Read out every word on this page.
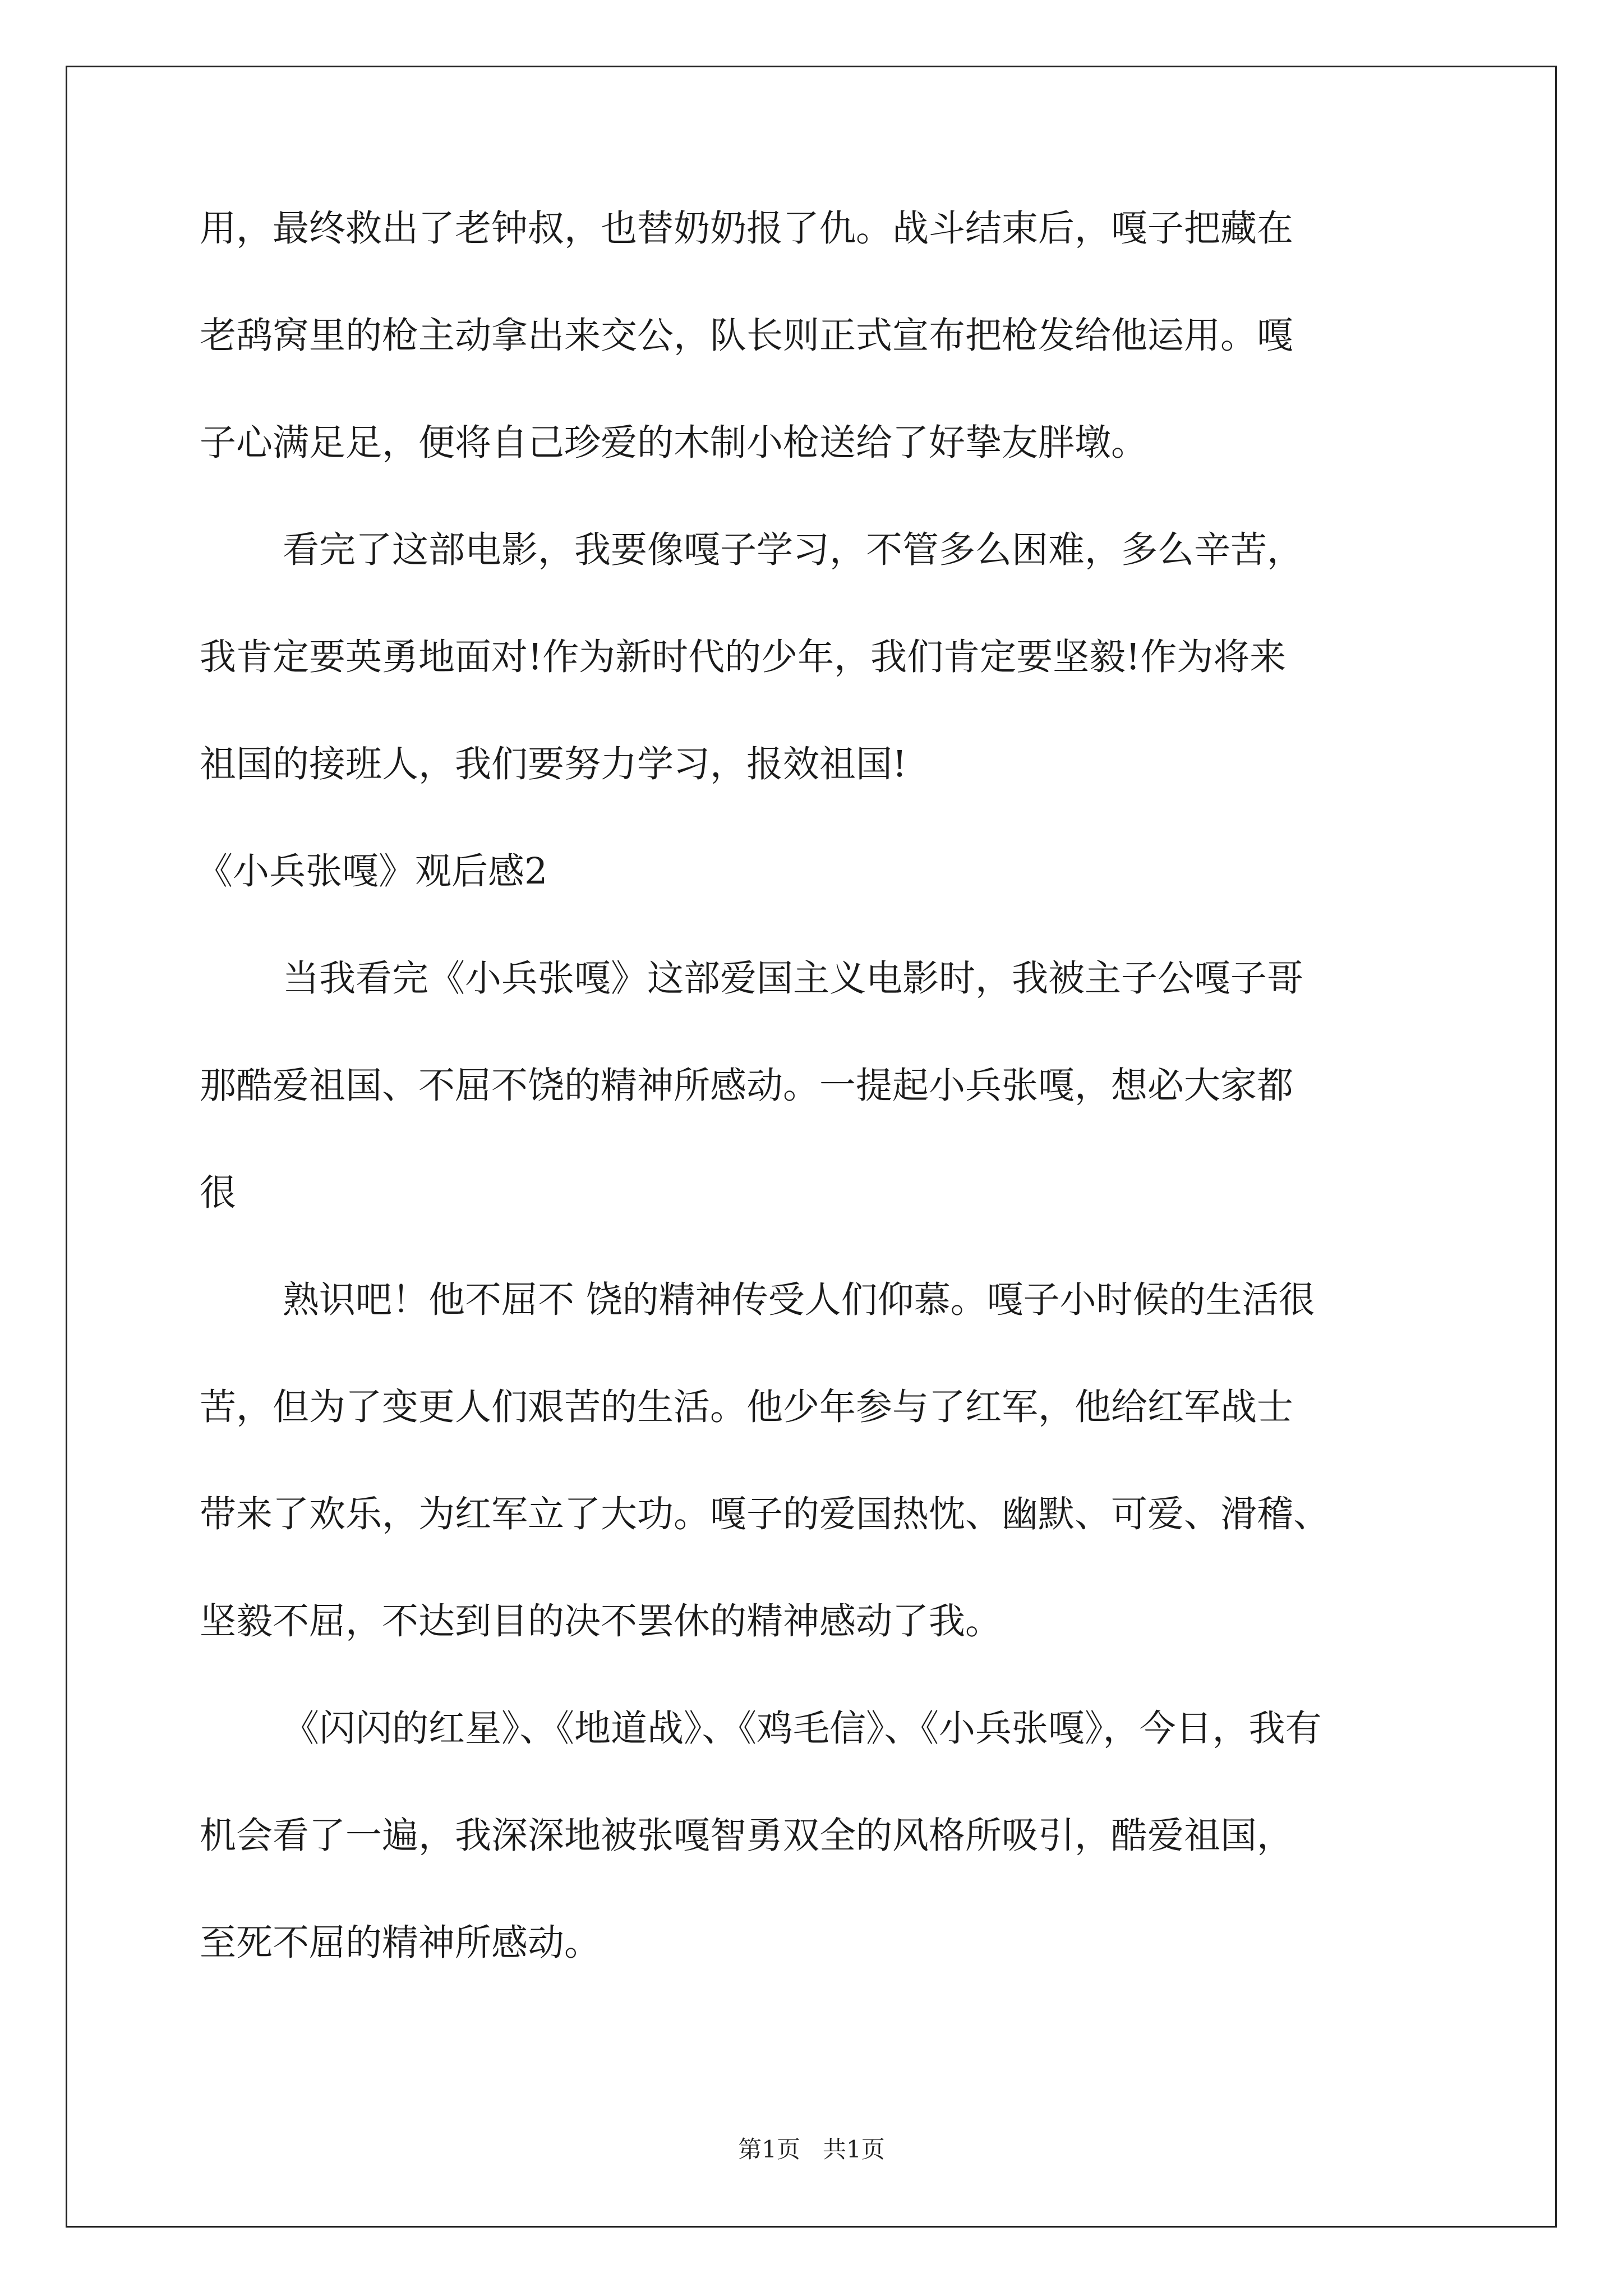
用，最终救出了老钟叔，也替奶奶报了仇。战斗结束后，嘎子把藏在

老鸹窝里的枪主动拿出来交公，队长则正式宣布把枪发给他运用。嘎

子心满足足，便将自己珍爱的木制小枪送给了好挚友胖墩。

看完了这部电影，我要像嘎子学习，不管多么困难，多么辛苦，

我肯定要英勇地面对!作为新时代的少年，我们肯定要坚毅!作为将来

祖国的接班人，我们要努力学习，报效祖国!

《小兵张嘎》观后感2

当我看完《小兵张嘎》这部爱国主义电影时，我被主子公嘎子哥

那酷爱祖国、不屈不饶的精神所感动。一提起小兵张嘎，想必大家都

很

熟识吧！他不屈不 饶的精神传受人们仰慕。嘎子小时候的生活很

苦，但为了变更人们艰苦的生活。他少年参与了红军，他给红军战士

带来了欢乐，为红军立了大功。嘎子的爱国热忱、幽默、可爱、滑稽、

坚毅不屈，不达到目的决不罢休的精神感动了我。

《闪闪的红星》、《地道战》、《鸡毛信》、《小兵张嘎》，今日，我有

机会看了一遍，我深深地被张嘎智勇双全的风格所吸引，酷爱祖国，

至死不屈的精神所感动。

第1页   共1页
